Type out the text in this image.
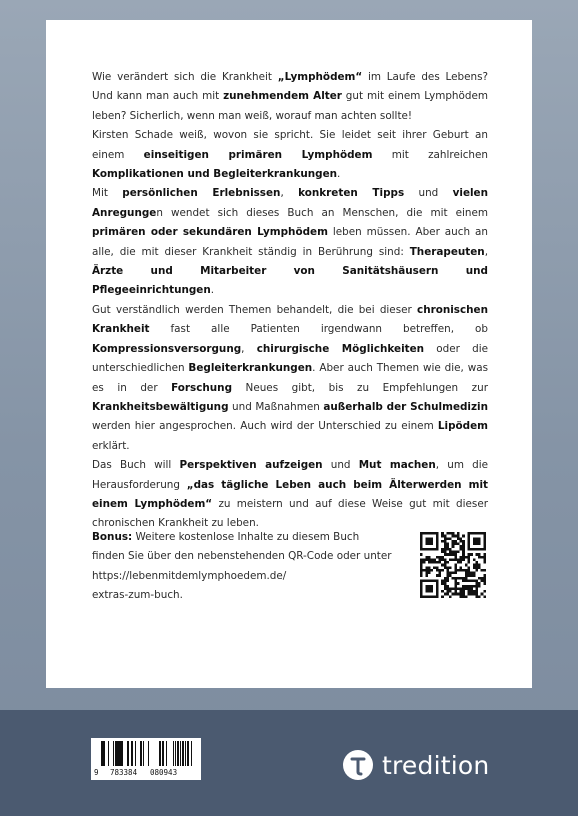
Wie verändert sich die Krankheit „Lymphödem“ im Laufe des Lebens? Und kann man auch mit zunehmendem Alter gut mit einem Lymphödem leben? Sicherlich, wenn man weiß, worauf man achten sollte!

Kirsten Schade weiß, wovon sie spricht. Sie leidet seit ihrer Geburt an einem einseitigen primären Lymphödem mit zahlreichen Komplikationen und Begleiterkrankungen.

Mit persönlichen Erlebnissen, konkreten Tipps und vielen Anregungen wendet sich dieses Buch an Menschen, die mit einem primären oder sekundären Lymphödem leben müssen. Aber auch an alle, die mit dieser Krankheit ständig in Berührung sind: Therapeuten, Ärzte und Mitarbeiter von Sanitätshäusern und Pflegeeinrichtungen.

Gut verständlich werden Themen behandelt, die bei dieser chronischen Krankheit fast alle Patienten irgendwann betreffen, ob Kompressionsversorgung, chirurgische Möglichkeiten oder die unterschiedlichen Begleiterkrankungen. Aber auch Themen wie die, was es in der Forschung Neues gibt, bis zu Empfehlungen zur Krankheitsbewältigung und Maßnahmen außerhalb der Schulmedizin werden hier angesprochen. Auch wird der Unterschied zu einem Lipödem erklärt.

Das Buch will Perspektiven aufzeigen und Mut machen, um die Herausforderung „das tägliche Leben auch beim Älterwerden mit einem Lymphödem“ zu meistern und auf diese Weise gut mit dieser chronischen Krankheit zu leben.

Bonus: Weitere kostenlose Inhalte zu diesem Buch finden Sie über den nebenstehenden QR-Code oder unter
https://lebenmitdemlymphoedem.de/
extras-zum-buch.
9 783384 080943	tredition
